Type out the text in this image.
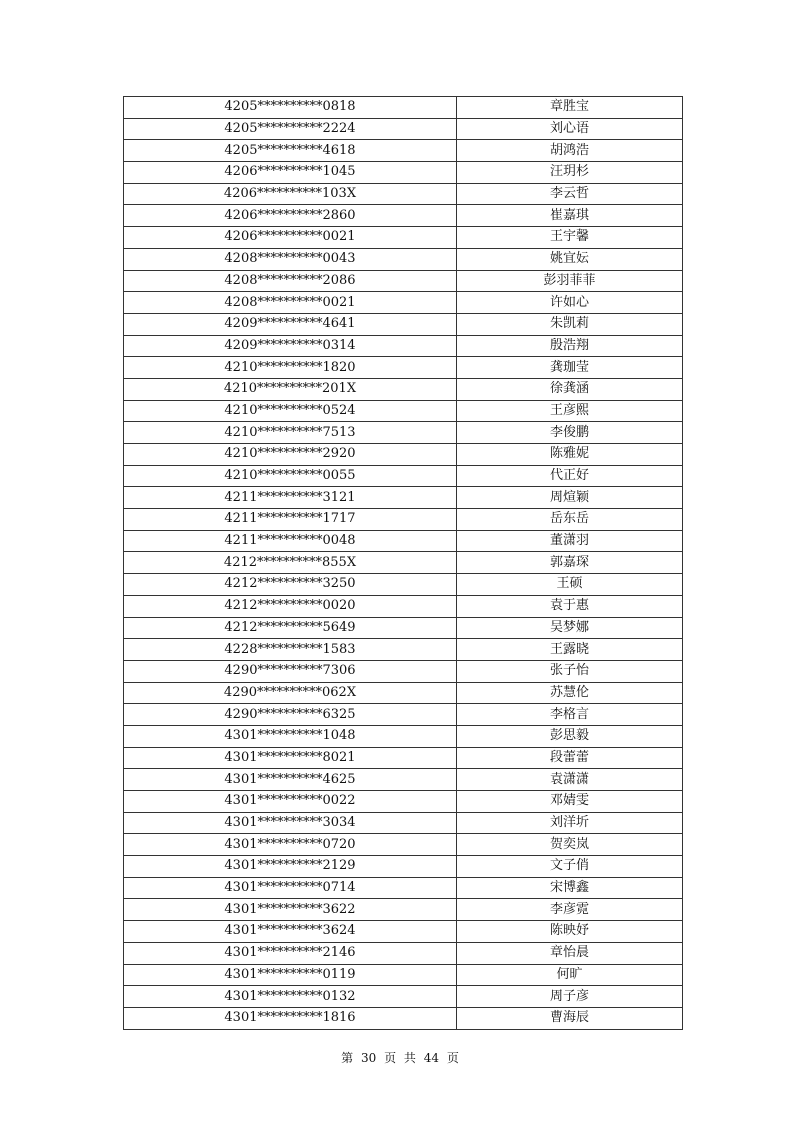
4205**********0818	章胜宝
4205**********2224	刘心语
4205**********4618	胡鸿浩
4206**********1045	汪玥杉
4206**********103X	李云哲
4206**********2860	崔嘉琪
4206**********0021	王宇馨
4208**********0043	姚宜妘
4208**********2086	彭羽菲菲
4208**********0021	许如心
4209**********4641	朱凯莉
4209**********0314	殷浩翔
4210**********1820	龚珈莹
4210**********201X	徐龚涵
4210**********0524	王彦熙
4210**********7513	李俊鹏
4210**********2920	陈雅妮
4210**********0055	代正好
4211**********3121	周煊颖
4211**********1717	岳东岳
4211**********0048	董潇羽
4212**********855X	郭嘉琛
4212**********3250	王硕
4212**********0020	袁于惠
4212**********5649	吴梦娜
4228**********1583	王露晓
4290**********7306	张子怡
4290**********062X	苏慧伦
4290**********6325	李格言
4301**********1048	彭思毅
4301**********8021	段蕾蕾
4301**********4625	袁潇潇
4301**********0022	邓婧雯
4301**********3034	刘洋圻
4301**********0720	贺奕岚
4301**********2129	文子俏
4301**********0714	宋博鑫
4301**********3622	李彦霓
4301**********3624	陈映妤
4301**********2146	章怡晨
4301**********0119	何旷
4301**********0132	周子彦
4301**********1816	曹海辰
第 30 页 共 44 页
